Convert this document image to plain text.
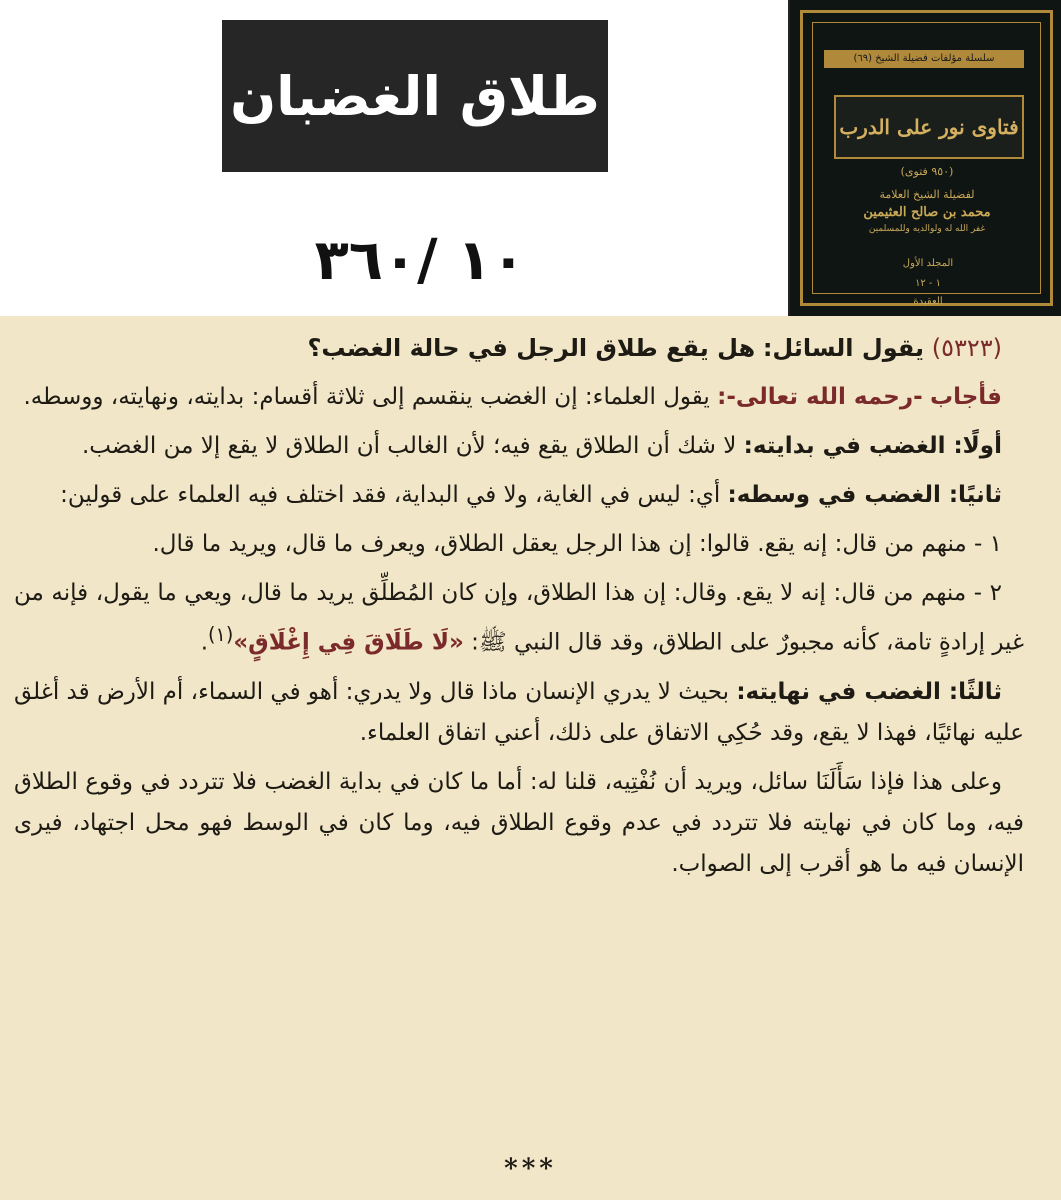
طلاق الغضبان
١٠ /٣٦٠
سلسلة مؤلفات فضيلة الشيخ (٦٩)
فتاوى نور على الدرب
(٩٥٠ فتوى)
لفضيلة الشيخ العلامة
محمد بن صالح العثيمين
غفر الله له ولوالديه وللمسلمين
المجلد الأول
١ - ١٢
العقيدة

(٥٣٢٣) يقول السائل: هل يقع طلاق الرجل في حالة الغضب؟

فأجاب -رحمه الله تعالى-: يقول العلماء: إن الغضب ينقسم إلى ثلاثة أقسام: بدايته، ونهايته، ووسطه.

أولًا: الغضب في بدايته: لا شك أن الطلاق يقع فيه؛ لأن الغالب أن الطلاق لا يقع إلا من الغضب.

ثانيًا: الغضب في وسطه: أي: ليس في الغاية، ولا في البداية، فقد اختلف فيه العلماء على قولين:

١ - منهم من قال: إنه يقع. قالوا: إن هذا الرجل يعقل الطلاق، ويعرف ما قال، ويريد ما قال.

٢ - منهم من قال: إنه لا يقع. وقال: إن هذا الطلاق، وإن كان المُطلِّق يريد ما قال، ويعي ما يقول، فإنه من غير إرادةٍ تامة، كأنه مجبورٌ على الطلاق، وقد قال النبي ﷺ: «لَا طَلَاقَ فِي إِغْلَاقٍ»$^{(١)}$.

ثالثًا: الغضب في نهايته: بحيث لا يدري الإنسان ماذا قال ولا يدري: أهو في السماء، أم الأرض قد أغلق عليه نهائيًا، فهذا لا يقع، وقد حُكِي الاتفاق على ذلك، أعني اتفاق العلماء.

وعلى هذا فإذا سَأَلَنَا سائل، ويريد أن نُفْتِيه، قلنا له: أما ما كان في بداية الغضب فلا تتردد في وقوع الطلاق فيه، وما كان في نهايته فلا تتردد في عدم وقوع الطلاق فيه، وما كان في الوسط فهو محل اجتهاد، فيرى الإنسان فيه ما هو أقرب إلى الصواب.

***
